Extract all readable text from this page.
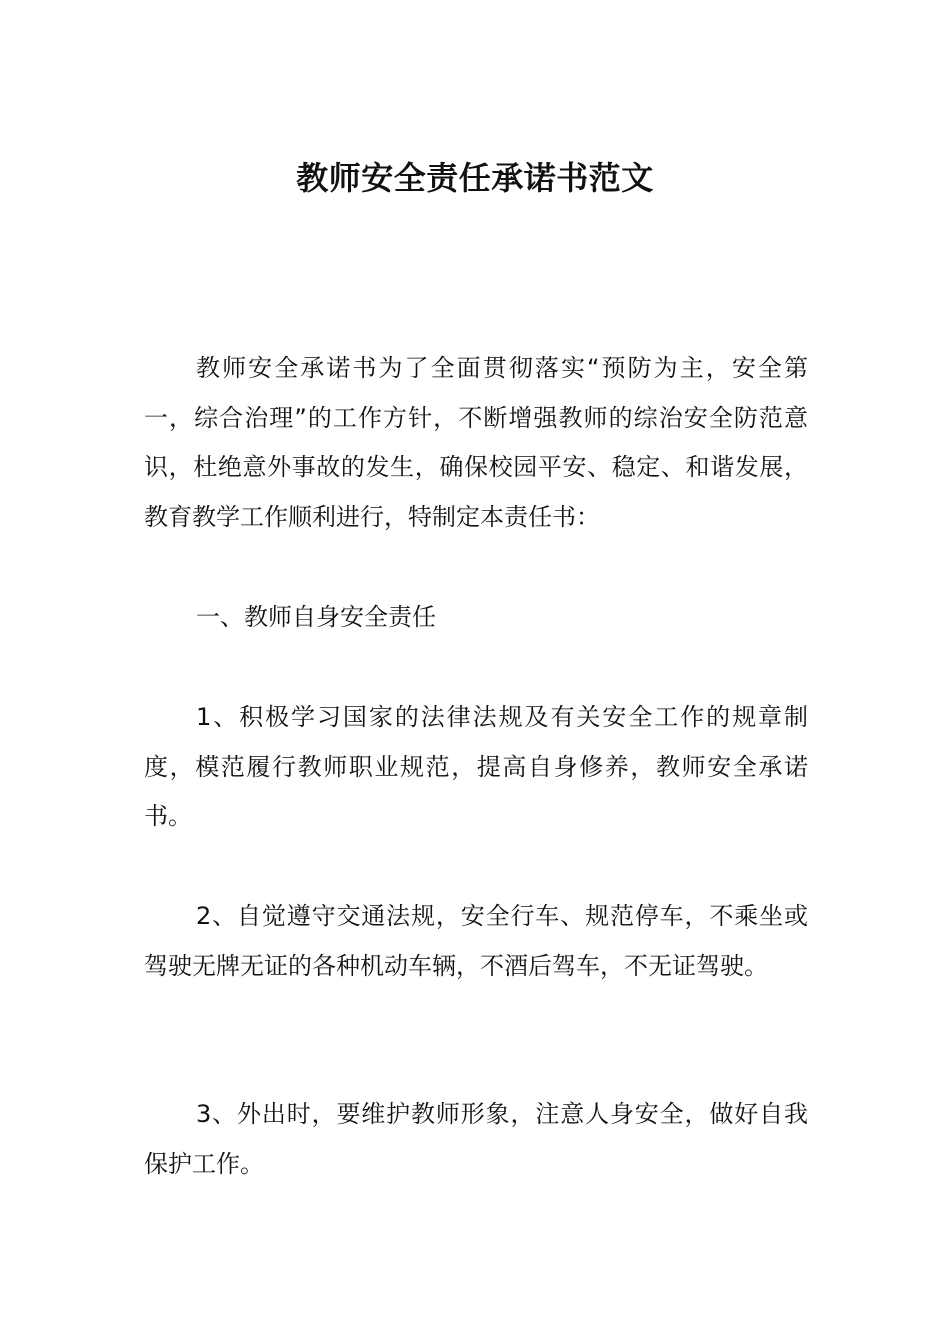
教师安全责任承诺书范文

教师安全承诺书为了全面贯彻落实“预防为主，安全第一，综合治理”的工作方针，不断增强教师的综治安全防范意识，杜绝意外事故的发生，确保校园平安、稳定、和谐发展，教育教学工作顺利进行，特制定本责任书：

一、教师自身安全责任

1、积极学习国家的法律法规及有关安全工作的规章制度，模范履行教师职业规范，提高自身修养，教师安全承诺书。

2、自觉遵守交通法规，安全行车、规范停车，不乘坐或驾驶无牌无证的各种机动车辆，不酒后驾车，不无证驾驶。

3、外出时，要维护教师形象，注意人身安全，做好自我保护工作。
